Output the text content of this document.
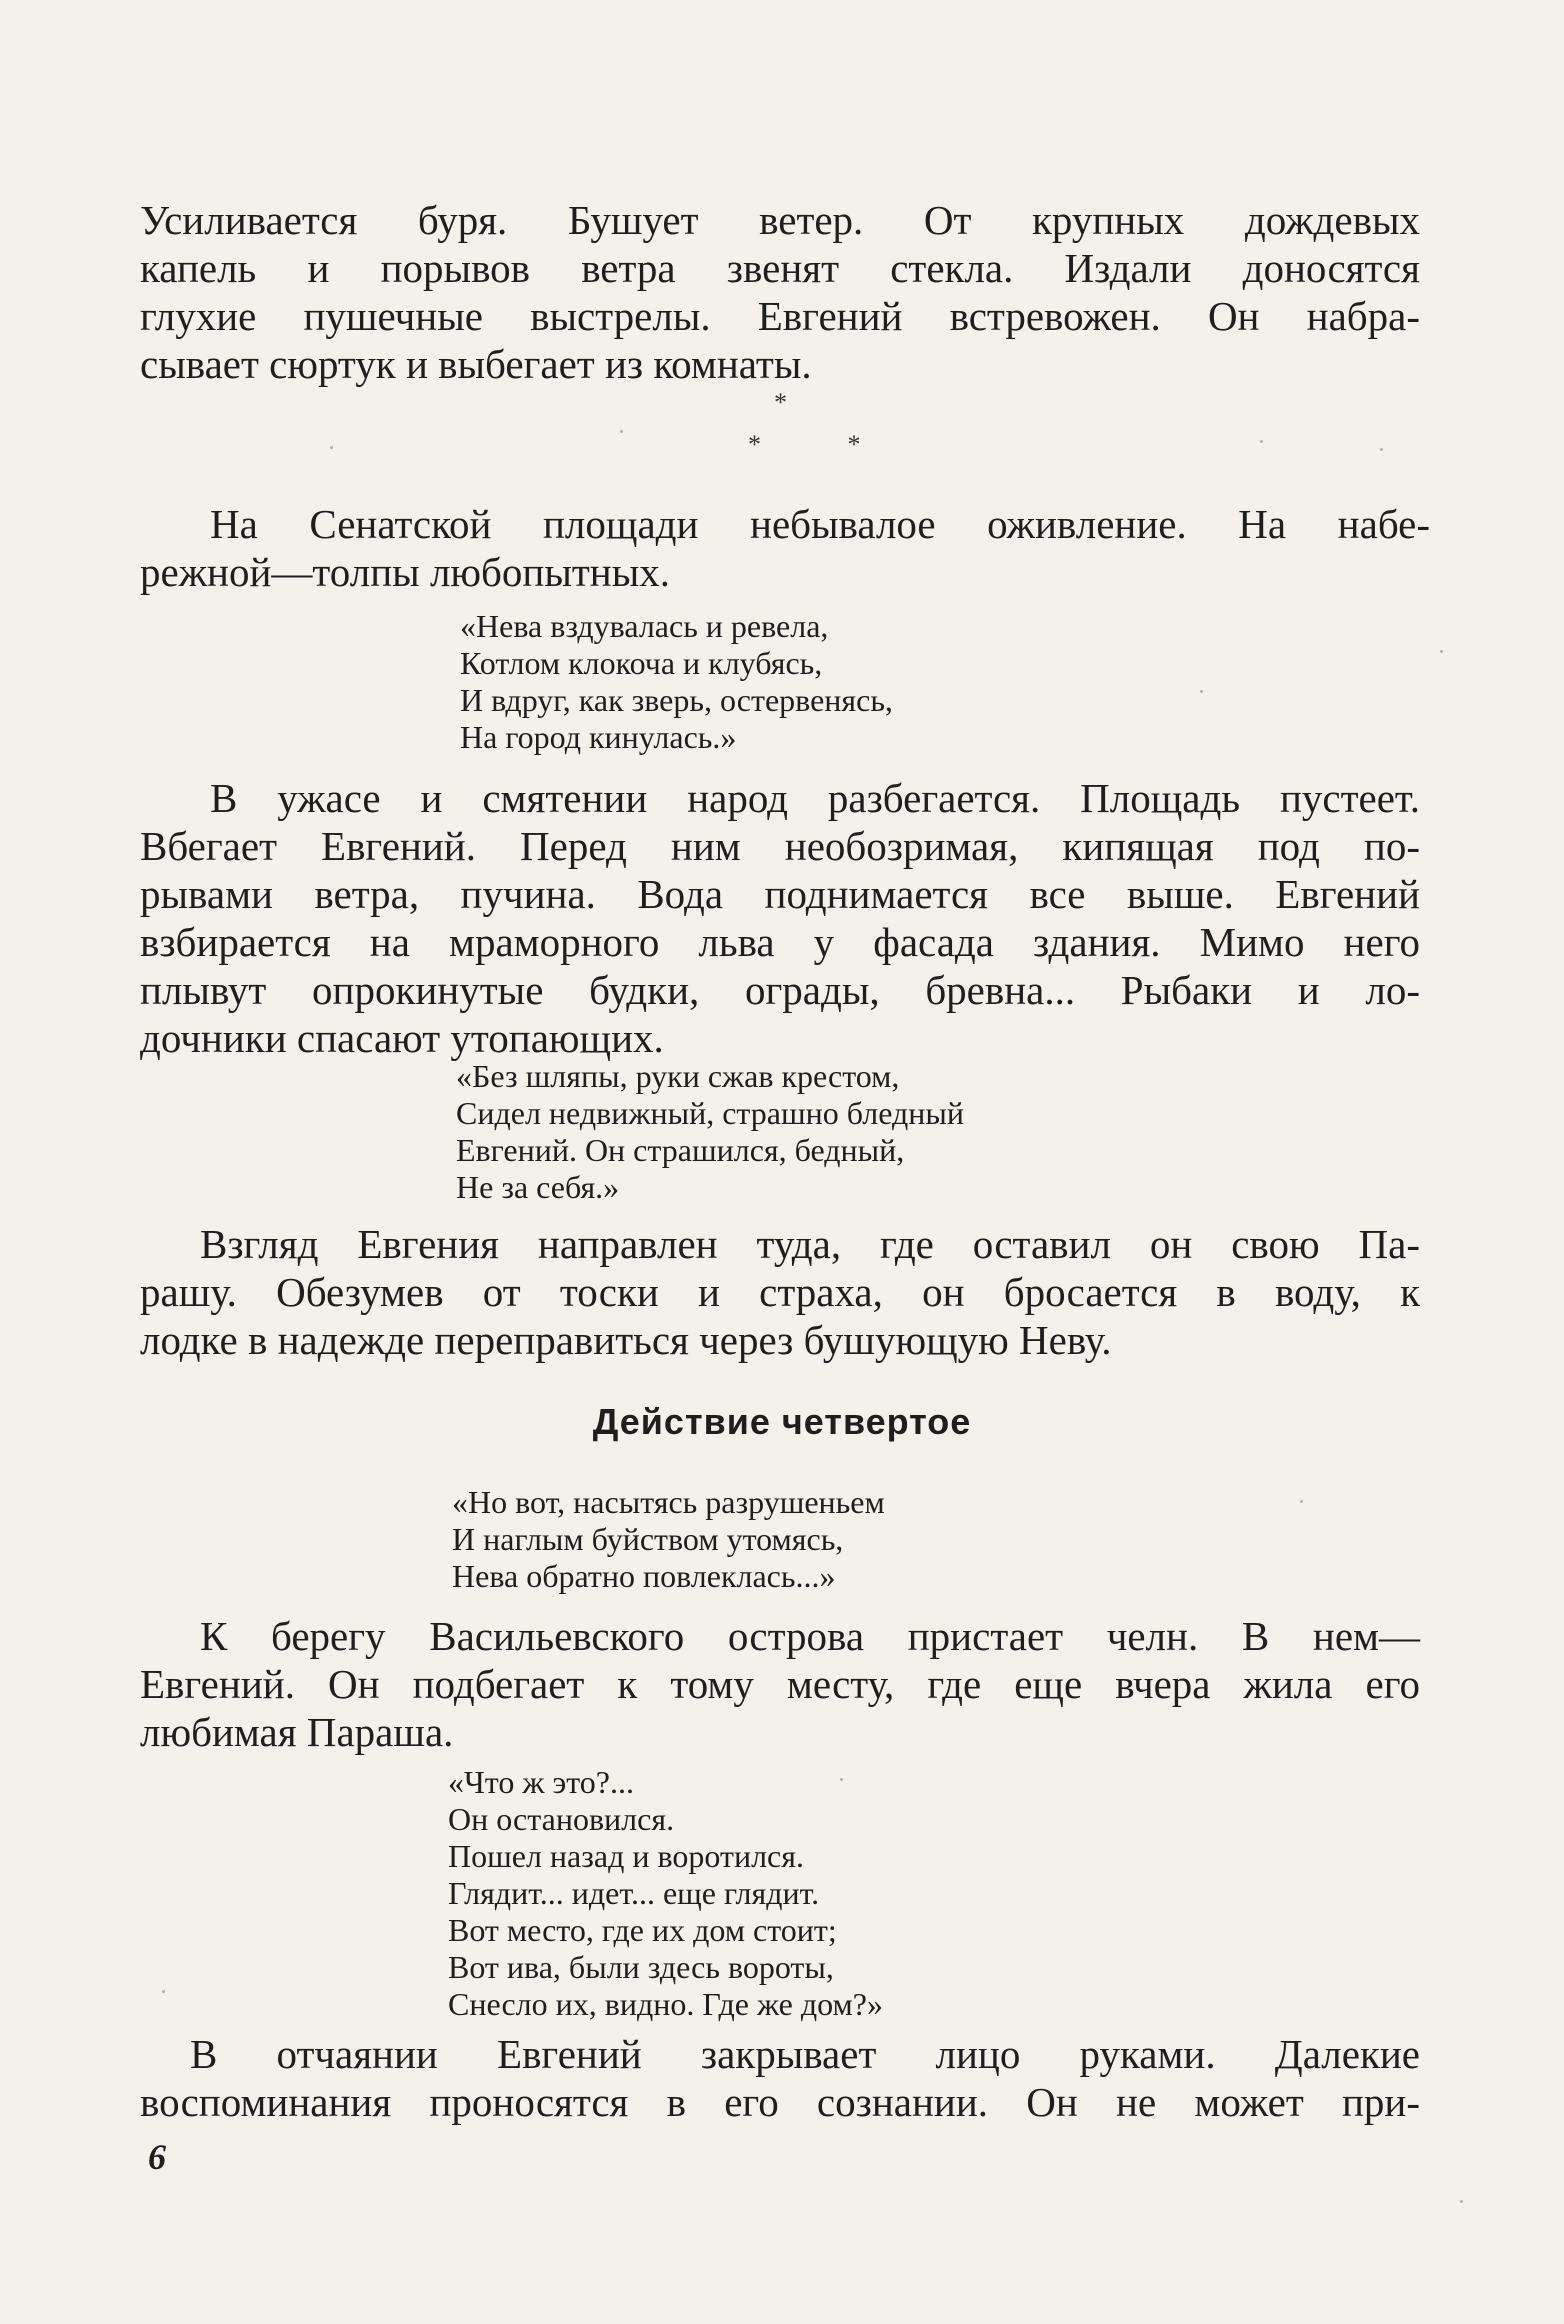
Усиливается буря. Бушует ветер. От крупных дождевых
капель и порывов ветра звенят стекла. Издали доносятся
глухие пушечные выстрелы. Евгений встревожен. Он набра-
сывает сюртук и выбегает из комнаты.
*
* *
На Сенатской площади небывалое оживление. На набе-
режной—толпы любопытных.
«Нева вздувалась и ревела,
Котлом клокоча и клубясь,
И вдруг, как зверь, остервенясь,
На город кинулась.»
В ужасе и смятении народ разбегается. Площадь пустеет.
Вбегает Евгений. Перед ним необозримая, кипящая под по-
рывами ветра, пучина. Вода поднимается все выше. Евгений
взбирается на мраморного льва у фасада здания. Мимо него
плывут опрокинутые будки, ограды, бревна... Рыбаки и ло-
дочники спасают утопающих.
«Без шляпы, руки сжав крестом,
Сидел недвижный, страшно бледный
Евгений. Он страшился, бедный,
Не за себя.»
Взгляд Евгения направлен туда, где оставил он свою Па-
рашу. Обезумев от тоски и страха, он бросается в воду, к
лодке в надежде переправиться через бушующую Неву.
Действие четвертое
«Но вот, насытясь разрушеньем
И наглым буйством утомясь,
Нева обратно повлеклась...»
К берегу Васильевского острова пристает челн. В нем—
Евгений. Он подбегает к тому месту, где еще вчера жила его
любимая Параша.
«Что ж это?...
Он остановился.
Пошел назад и воротился.
Глядит... идет... еще глядит.
Вот место, где их дом стоит;
Вот ива, были здесь вороты,
Снесло их, видно. Где же дом?»
В отчаянии Евгений закрывает лицо руками. Далекие
воспоминания проносятся в его сознании. Он не может при-
6
